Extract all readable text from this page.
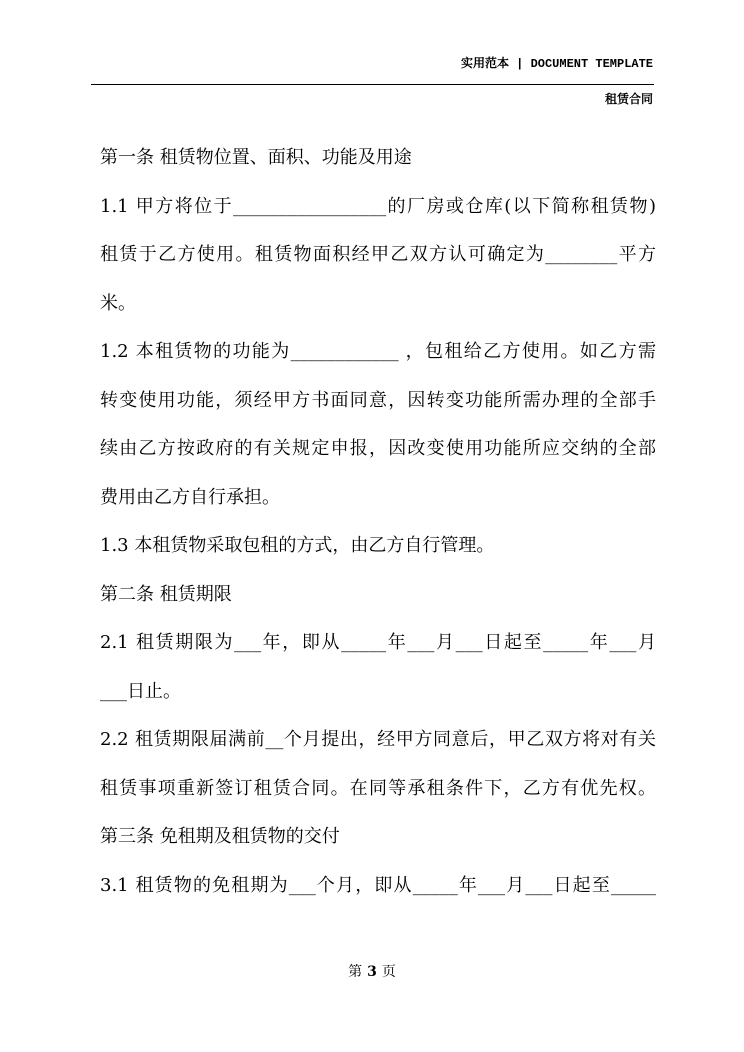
实用范本 | DOCUMENT TEMPLATE
租赁合同
第一条 租赁物位置、面积、功能及用途
1.1 甲方将位于_________________的厂房或仓库(以下简称租赁物)
租赁于乙方使用。租赁物面积经甲乙双方认可确定为________平方
米。
1.2 本租赁物的功能为____________ ，包租给乙方使用。如乙方需
转变使用功能，须经甲方书面同意，因转变功能所需办理的全部手
续由乙方按政府的有关规定申报，因改变使用功能所应交纳的全部
费用由乙方自行承担。
1.3 本租赁物采取包租的方式，由乙方自行管理。
第二条 租赁期限
2.1 租赁期限为___年，即从_____年___月___日起至_____年___月
___日止。
2.2 租赁期限届满前__个月提出，经甲方同意后，甲乙双方将对有关
租赁事项重新签订租赁合同。在同等承租条件下，乙方有优先权。
第三条 免租期及租赁物的交付
3.1 租赁物的免租期为___个月，即从_____年___月___日起至_____
第 3 页
